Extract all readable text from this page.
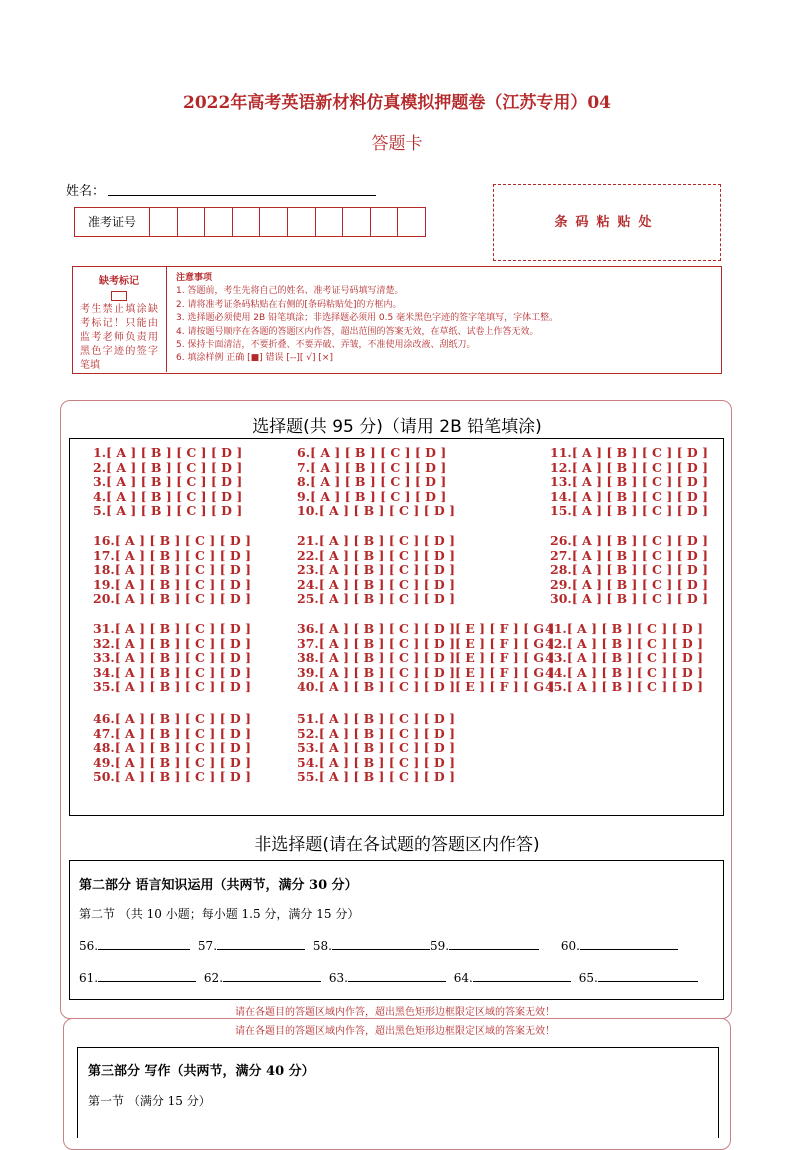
2022年高考英语新材料仿真模拟押题卷（江苏专用）04
答题卡
姓名：
准考证号	条码粘贴处
缺考标记
考生禁止填涂缺考标记！只能由监考老师负责用黑色字迹的签字笔填
注意事项
1. 答题前，考生先将自己的姓名、准考证号码填写清楚。
2. 请将准考证条码粘贴在右侧的[条码粘贴处]的方框内。
3. 选择题必须使用 2B 铅笔填涂；非选择题必须用 0.5 毫米黑色字迹的签字笔填写，字体工整。
4. 请按题号顺序在各题的答题区内作答，超出范围的答案无效，在草纸、试卷上作答无效。
5. 保持卡面清洁，不要折叠、不要弄破、弄皱，不准使用涂改液、刮纸刀。
6. 填涂样例 正确 [■] 错误 [--][ √] [×]
选择题(共 95 分)（请用 2B 铅笔填涂)
1.[ A ] [ B ] [ C ] [ D ]
2.[ A ] [ B ] [ C ] [ D ]
3.[ A ] [ B ] [ C ] [ D ]
4.[ A ] [ B ] [ C ] [ D ]
5.[ A ] [ B ] [ C ] [ D ]
6.[ A ] [ B ] [ C ] [ D ]
7.[ A ] [ B ] [ C ] [ D ]
8.[ A ] [ B ] [ C ] [ D ]
9.[ A ] [ B ] [ C ] [ D ]
10.[ A ] [ B ] [ C ] [ D ]
11.[ A ] [ B ] [ C ] [ D ]
12.[ A ] [ B ] [ C ] [ D ]
13.[ A ] [ B ] [ C ] [ D ]
14.[ A ] [ B ] [ C ] [ D ]
15.[ A ] [ B ] [ C ] [ D ]
16.[ A ] [ B ] [ C ] [ D ]
17.[ A ] [ B ] [ C ] [ D ]
18.[ A ] [ B ] [ C ] [ D ]
19.[ A ] [ B ] [ C ] [ D ]
20.[ A ] [ B ] [ C ] [ D ]
21.[ A ] [ B ] [ C ] [ D ]
22.[ A ] [ B ] [ C ] [ D ]
23.[ A ] [ B ] [ C ] [ D ]
24.[ A ] [ B ] [ C ] [ D ]
25.[ A ] [ B ] [ C ] [ D ]
26.[ A ] [ B ] [ C ] [ D ]
27.[ A ] [ B ] [ C ] [ D ]
28.[ A ] [ B ] [ C ] [ D ]
29.[ A ] [ B ] [ C ] [ D ]
30.[ A ] [ B ] [ C ] [ D ]
31.[ A ] [ B ] [ C ] [ D ]
32.[ A ] [ B ] [ C ] [ D ]
33.[ A ] [ B ] [ C ] [ D ]
34.[ A ] [ B ] [ C ] [ D ]
35.[ A ] [ B ] [ C ] [ D ]
36.[ A ] [ B ] [ C ] [ D ][ E ] [ F ] [ G ]
37.[ A ] [ B ] [ C ] [ D ][ E ] [ F ] [ G ]
38.[ A ] [ B ] [ C ] [ D ][ E ] [ F ] [ G ]
39.[ A ] [ B ] [ C ] [ D ][ E ] [ F ] [ G ]
40.[ A ] [ B ] [ C ] [ D ][ E ] [ F ] [ G ]
41.[ A ] [ B ] [ C ] [ D ]
42.[ A ] [ B ] [ C ] [ D ]
43.[ A ] [ B ] [ C ] [ D ]
44.[ A ] [ B ] [ C ] [ D ]
45.[ A ] [ B ] [ C ] [ D ]
46.[ A ] [ B ] [ C ] [ D ]
47.[ A ] [ B ] [ C ] [ D ]
48.[ A ] [ B ] [ C ] [ D ]
49.[ A ] [ B ] [ C ] [ D ]
50.[ A ] [ B ] [ C ] [ D ]
51.[ A ] [ B ] [ C ] [ D ]
52.[ A ] [ B ] [ C ] [ D ]
53.[ A ] [ B ] [ C ] [ D ]
54.[ A ] [ B ] [ C ] [ D ]
55.[ A ] [ B ] [ C ] [ D ]
非选择题(请在各试题的答题区内作答)
第二部分 语言知识运用（共两节，满分 30 分）
第二节 （共 10 小题；每小题 1.5 分，满分 15 分）
56.	57.	58.	59.	60.
61.	62.	63.	64.	65.
请在各题目的答题区域内作答，超出黑色矩形边框限定区域的答案无效！
请在各题目的答题区域内作答，超出黑色矩形边框限定区域的答案无效！
第三部分 写作（共两节，满分 40 分）
第一节 （满分 15 分）
